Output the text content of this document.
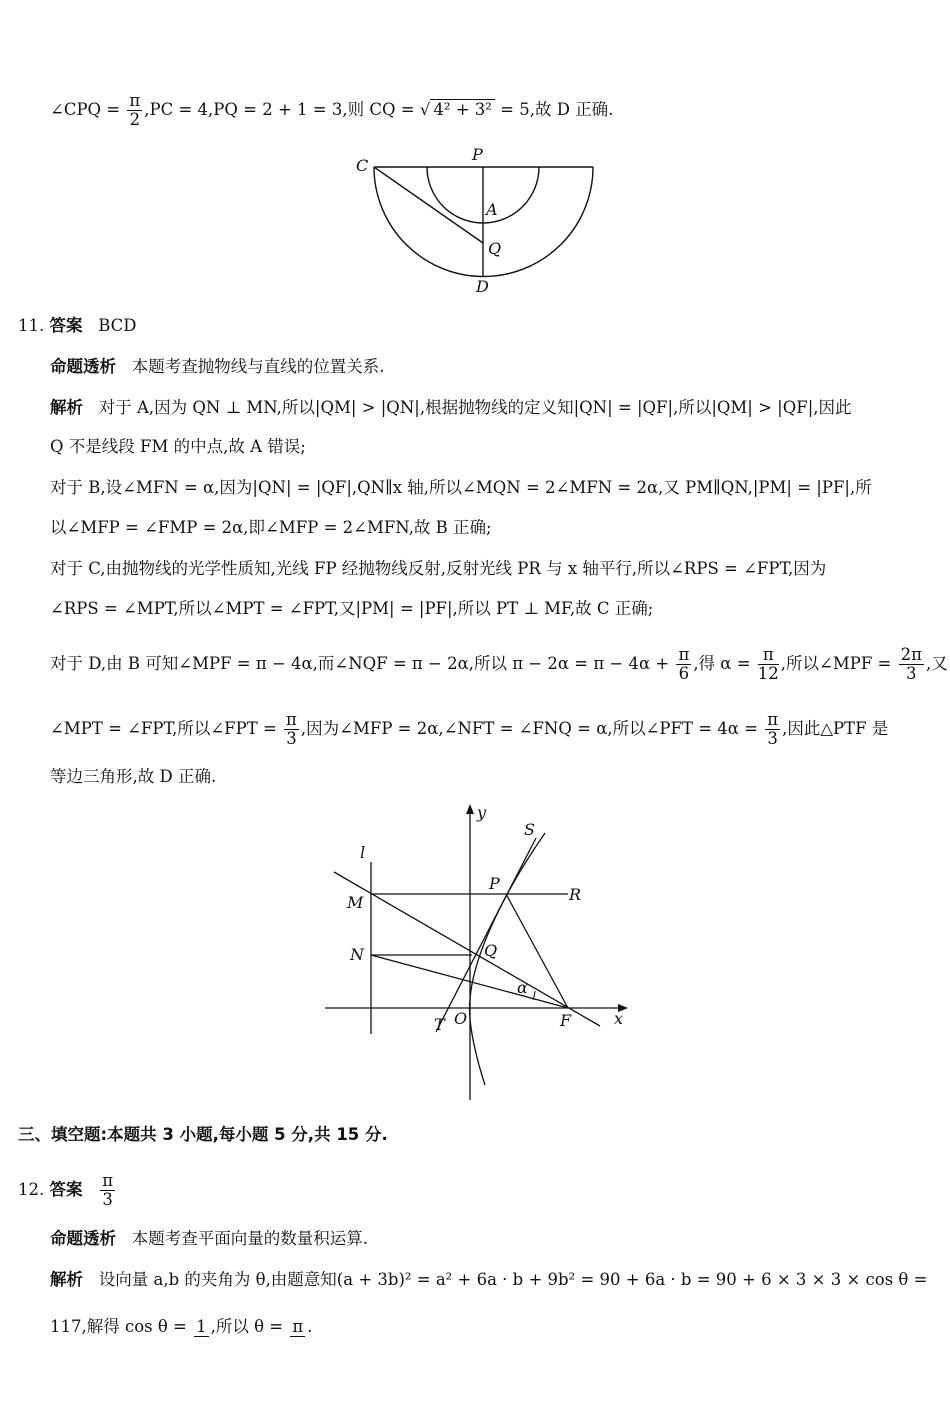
∠CPQ = $\frac{\pi}{2} ,PC = 4,PQ = 2 + 1 = 3$,则 CQ = √ 4² + 3² = 5,故 D 正确.
C
P
A
Q
D
11. 答案 BCD
命题透析 本题考查抛物线与直线的位置关系.
解析 对于 A,因为 QN ⊥ MN,所以|QM| > |QN|,根据抛物线的定义知|QN| = |QF|,所以|QM| > |QF|,因此
Q 不是线段 FM 的中点,故 A 错误;
对于 B,设∠MFN = α,因为|QN| = |QF|,QN∥x 轴,所以∠MQN = 2∠MFN = 2α,又 PM∥QN,|PM| = |PF|,所
以∠MFP = ∠FMP = 2α,即∠MFP = 2∠MFN,故 B 正确;
对于 C,由抛物线的光学性质知,光线 FP 经抛物线反射,反射光线 PR 与 x 轴平行,所以∠RPS = ∠FPT,因为
∠RPS = ∠MPT,所以∠MPT = ∠FPT,又|PM| = |PF|,所以 PT ⊥ MF,故 C 正确;
对于 D,由 B 可知∠MPF = π − 4α,而∠NQF = π − 2α,所以 $\pi - 2\alpha = \pi - 4\alpha + \frac{\pi}{6}$ ,得 $\alpha = \frac{\pi}{12}$ ,所以∠MPF = $\frac{2\pi}{3}$ ,又
∠MPT = ∠FPT,所以∠FPT = $\frac{\pi}{3}$ ,因为∠MFP = 2α,∠NFT = ∠FNQ = α,所以∠PFT = $4\alpha = \frac{\pi}{3}$ ,因此△PTF 是
等边三角形,故 D 正确.
y
S
l
P
R
M
Q
N
α
T O	F	x
三、填空题:本题共 3 小题,每小题 5 分,共 15 分.
12. 答案 $\frac{\pi}{3}$
命题透析 本题考查平面向量的数量积运算.
解析 设向量 a,b 的夹角为 θ,由题意知(a + 3b)² = a² + 6a · b + 9b² = 90 + 6a · b = 90 + 6 × 3 × 3 × cos θ =
117,解得 cos θ = 1 ,所以 θ = π .
